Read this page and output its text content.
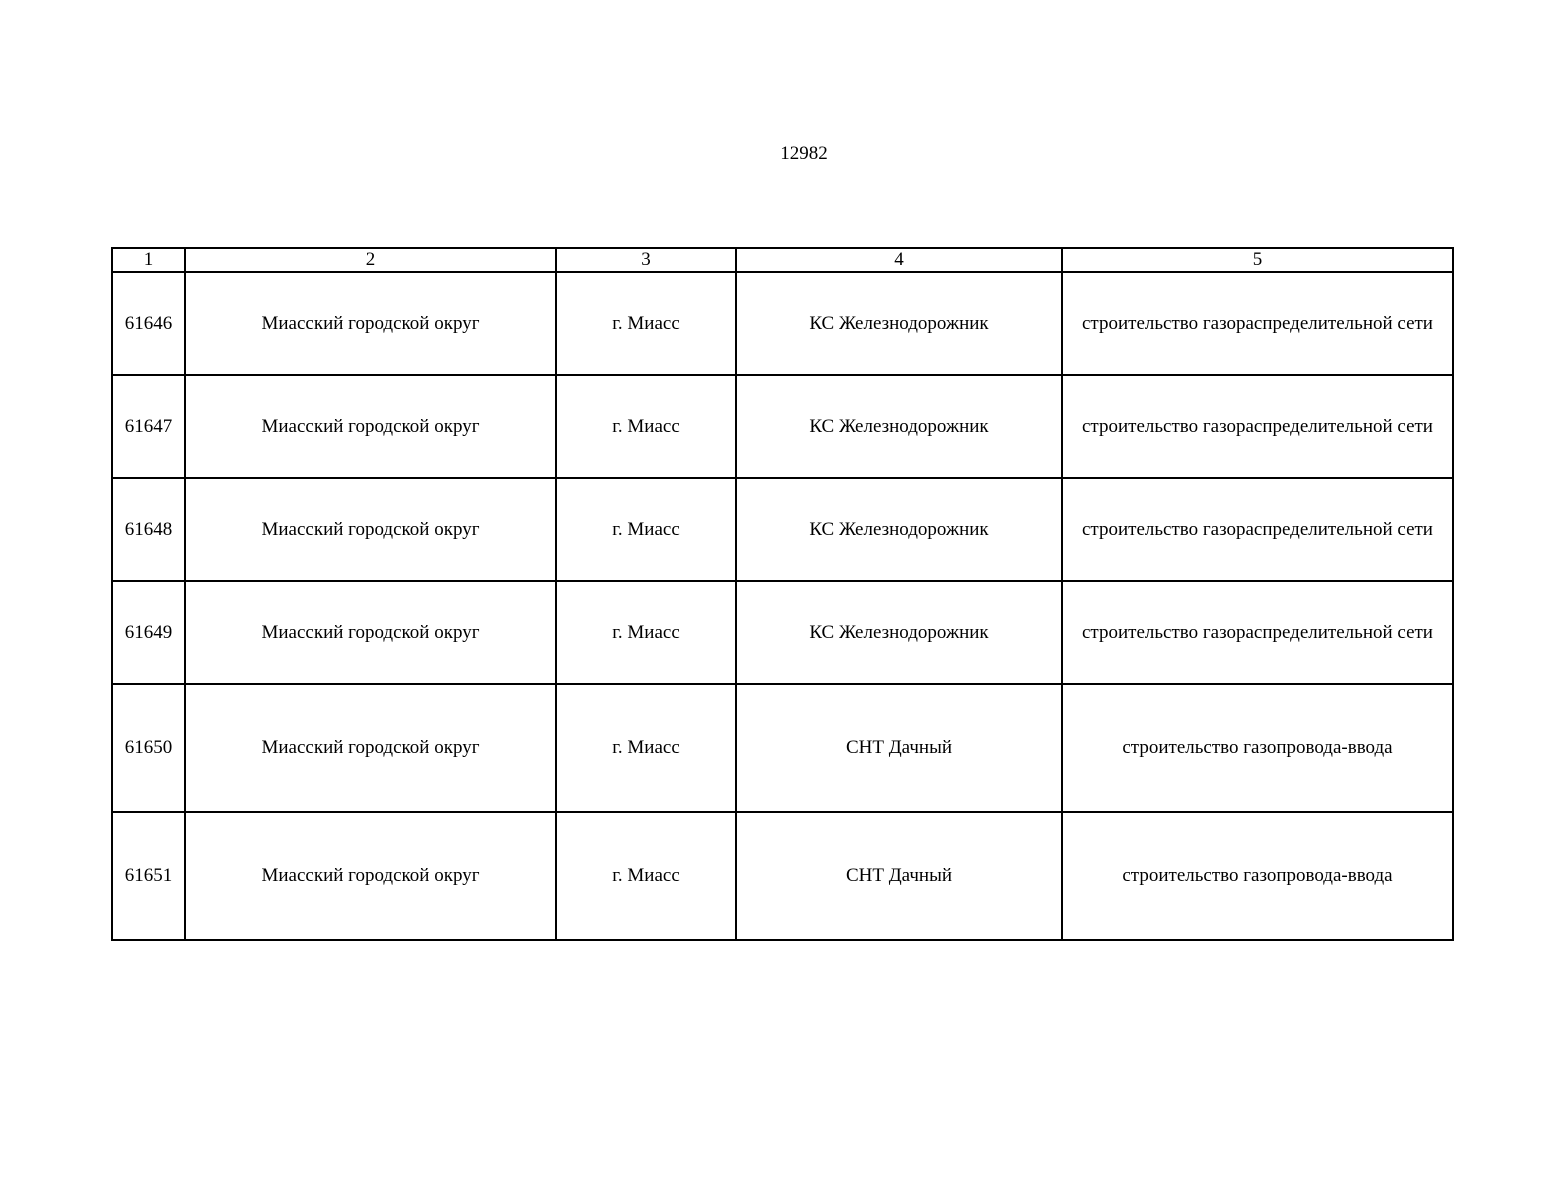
12982
1	2	3	4	5
61646	Миасский городской округ	г. Миасс	КС Железнодорожник	строительство газораспределительной сети
61647	Миасский городской округ	г. Миасс	КС Железнодорожник	строительство газораспределительной сети
61648	Миасский городской округ	г. Миасс	КС Железнодорожник	строительство газораспределительной сети
61649	Миасский городской округ	г. Миасс	КС Железнодорожник	строительство газораспределительной сети
61650	Миасский городской округ	г. Миасс	СНТ Дачный	строительство газопровода-ввода
61651	Миасский городской округ	г. Миасс	СНТ Дачный	строительство газопровода-ввода
